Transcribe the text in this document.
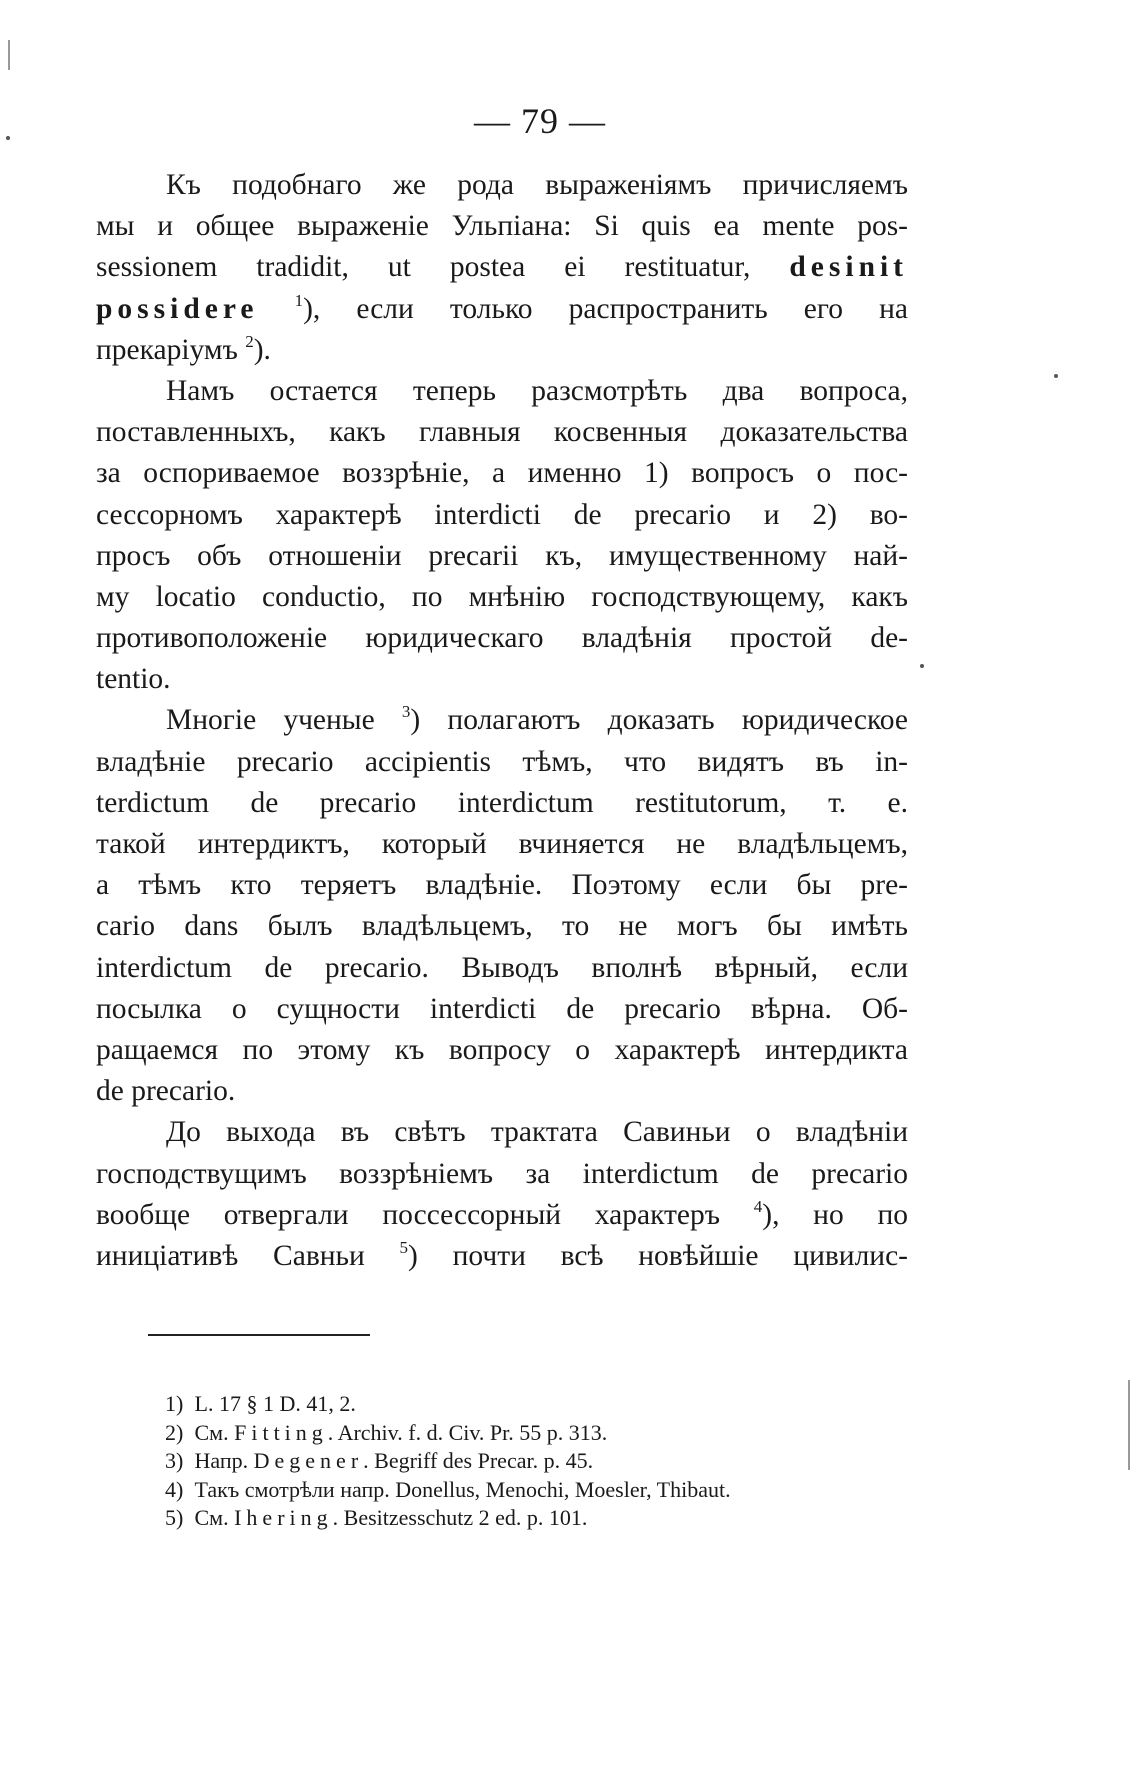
— 79 —
Къ подобнаго же рода выраженіямъ причисляемъ
мы и общее выраженіе Ульпіана: Si quis ea mente pos-
sessionem tradidit, ut postea ei restituatur, desinit
possidere $^1$), если только распространить его на
прекаріумъ $^2$).
Намъ остается теперь разсмотрѣть два вопроса,
поставленныхъ, какъ главныя косвенныя доказательства
за оспориваемое воззрѣніе, а именно 1) вопросъ о пос-
сессорномъ характерѣ interdicti de precario и 2) во-
просъ объ отношеніи precarii къ, имущественному най-
му locatio conductio, по мнѣнію господствующему, какъ
противоположеніе юридическаго владѣнія простой de-
tentio.
Многіе ученые $^3$) полагаютъ доказать юридическое
владѣніе precario accipientis тѣмъ, что видятъ въ in-
terdictum de precario interdictum restitutorum, т. е.
такой интердиктъ, который вчиняется не владѣльцемъ,
а тѣмъ кто теряетъ владѣніе. Поэтому если бы pre-
cario dans былъ владѣльцемъ, то не могъ бы имѣть
interdictum de precario. Выводъ вполнѣ вѣрный, если
посылка о сущности interdicti de precario вѣрна. Об-
ращаемся по этому къ вопросу о характерѣ интердикта
de precario.
До выхода въ свѣтъ трактата Савиньи о владѣніи
господствущимъ воззрѣніемъ за interdictum de precario
вообще отвергали поссессорный характеръ $^4$), но по
иниціативѣ Савньи $^5$) почти всѣ новѣйшіе цивилис-
1) L. 17 § 1 D. 41, 2.
2) См. Fitting. Archiv. f. d. Civ. Pr. 55 p. 313.
3) Напр. Degener. Begriff des Precar. p. 45.
4) Такъ смотрѣли напр. Donellus, Menochi, Moesler, Thibaut.
5) См. Ihering. Besitzesschutz 2 ed. p. 101.
